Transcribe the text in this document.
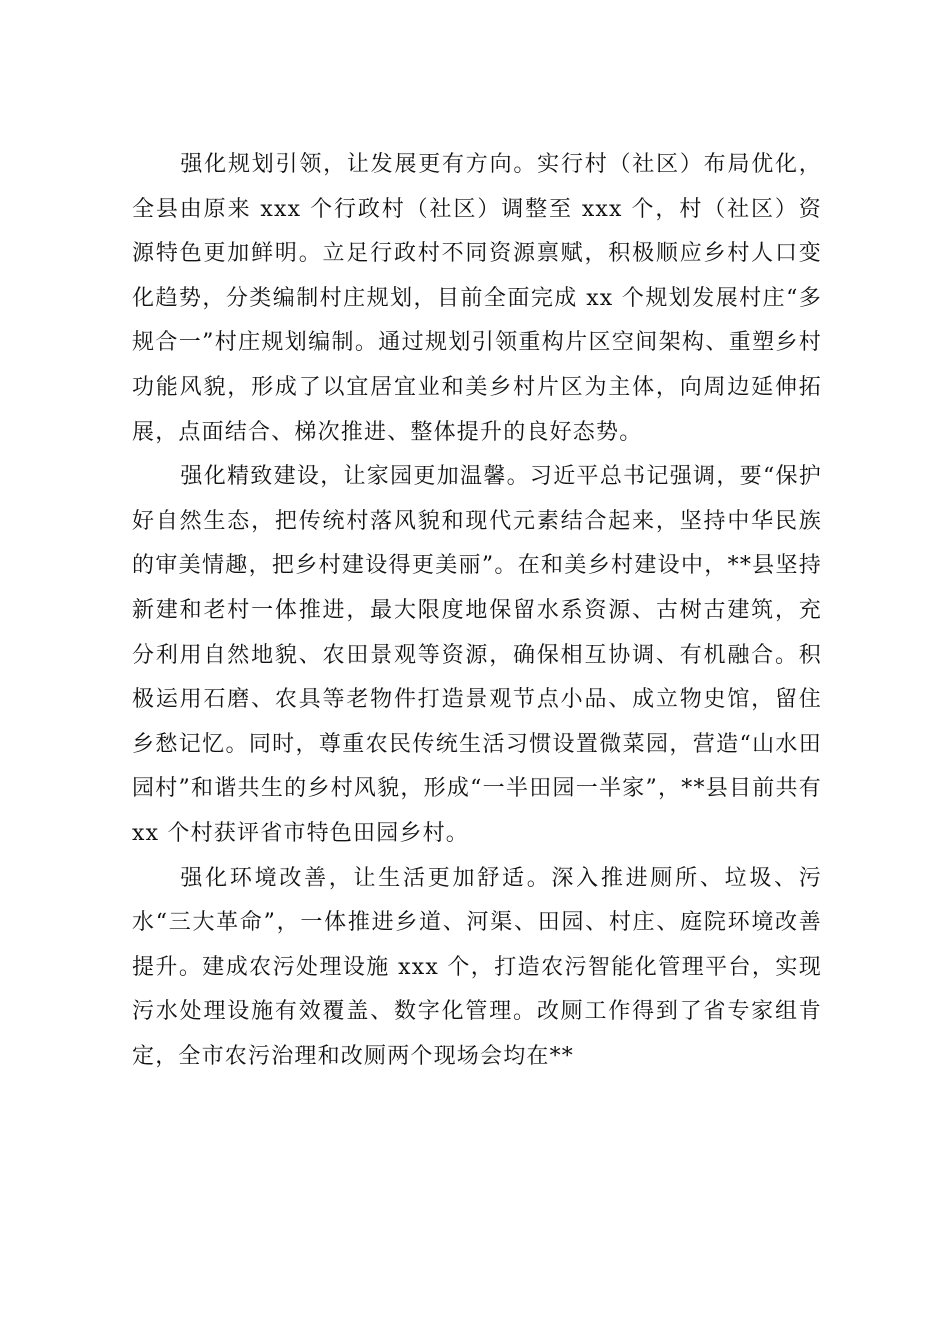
强化规划引领，让发展更有方向。实行村（社区）布局优化，全县由原来 xxx 个行政村（社区）调整至 xxx 个，村（社区）资源特色更加鲜明。立足行政村不同资源禀赋，积极顺应乡村人口变化趋势，分类编制村庄规划，目前全面完成 xx 个规划发展村庄“多规合一”村庄规划编制。通过规划引领重构片区空间架构、重塑乡村功能风貌，形成了以宜居宜业和美乡村片区为主体，向周边延伸拓展，点面结合、梯次推进、整体提升的良好态势。

强化精致建设，让家园更加温馨。习近平总书记强调，要“保护好自然生态，把传统村落风貌和现代元素结合起来，坚持中华民族的审美情趣，把乡村建设得更美丽”。在和美乡村建设中，**县坚持新建和老村一体推进，最大限度地保留水系资源、古树古建筑，充分利用自然地貌、农田景观等资源，确保相互协调、有机融合。积极运用石磨、农具等老物件打造景观节点小品、成立物史馆，留住乡愁记忆。同时，尊重农民传统生活习惯设置微菜园，营造“山水田园村”和谐共生的乡村风貌，形成“一半田园一半家”，**县目前共有 xx 个村获评省市特色田园乡村。

强化环境改善，让生活更加舒适。深入推进厕所、垃圾、污水“三大革命”，一体推进乡道、河渠、田园、村庄、庭院环境改善提升。建成农污处理设施 xxx 个，打造农污智能化管理平台，实现污水处理设施有效覆盖、数字化管理。改厕工作得到了省专家组肯定，全市农污治理和改厕两个现场会均在**
